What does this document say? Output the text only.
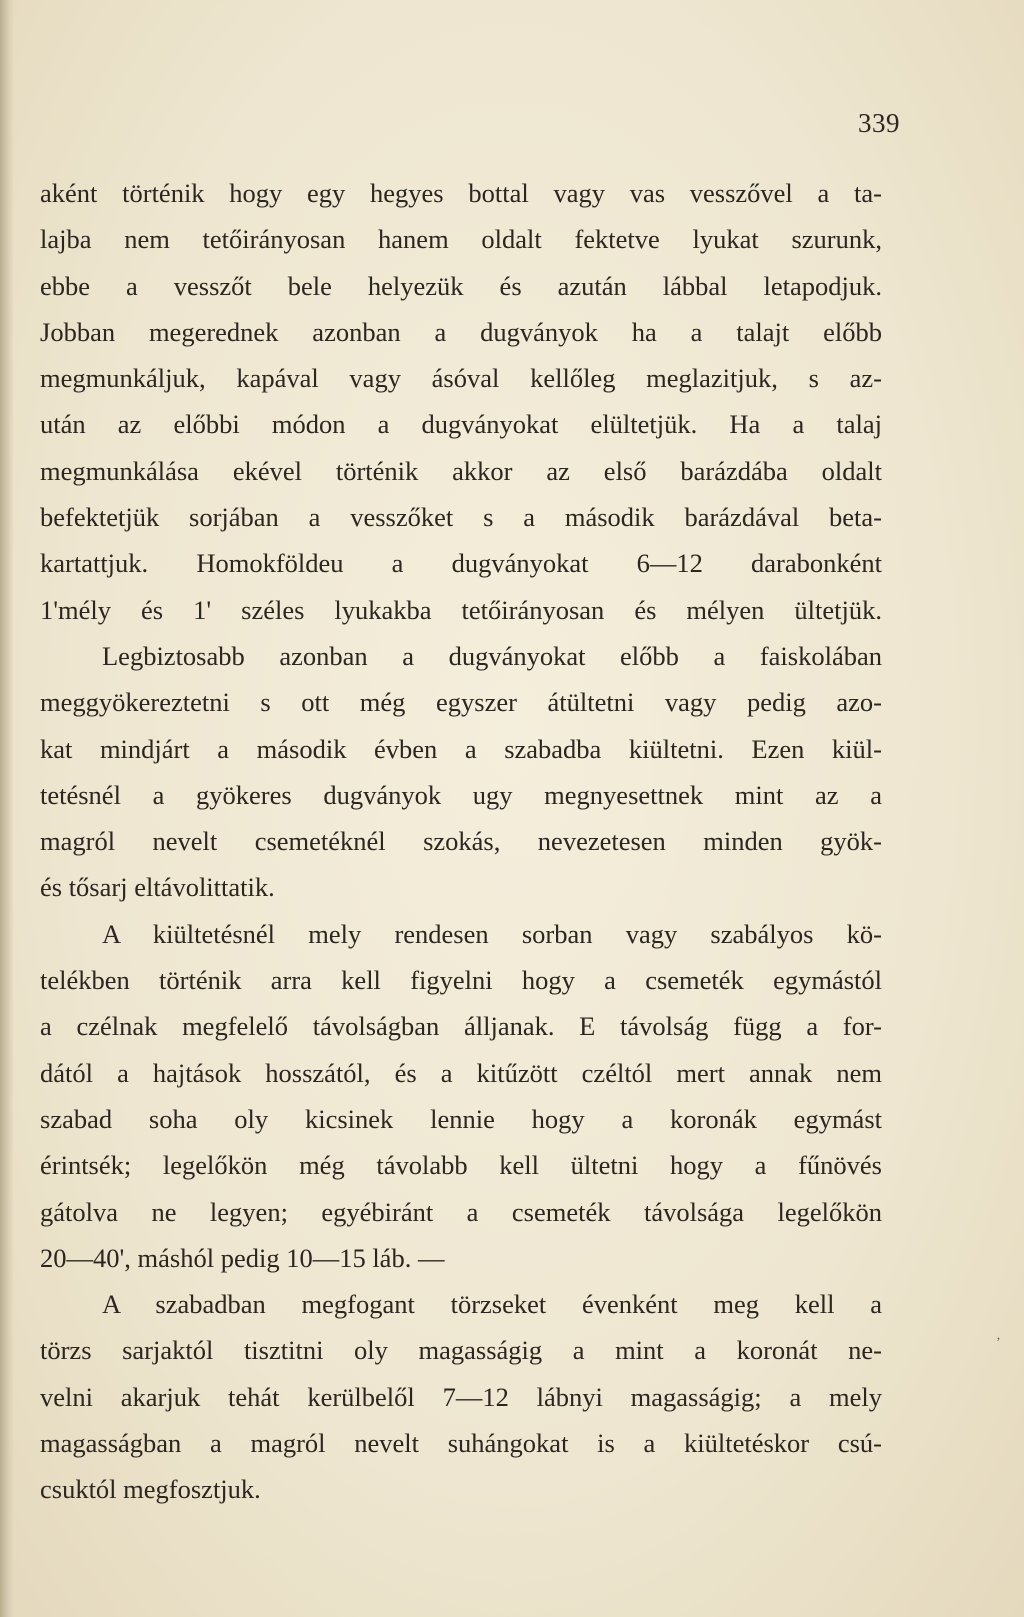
339
aként történik hogy egy hegyes bottal vagy vas vesszővel a ta-
lajba nem tetőirányosan hanem oldalt fektetve lyukat szurunk,
ebbe a vesszőt bele helyezük és azután lábbal letapodjuk.
Jobban megerednek azonban a dugványok ha a talajt előbb
megmunkáljuk, kapával vagy ásóval kellőleg meglazitjuk, s az-
után az előbbi módon a dugványokat elültetjük. Ha a talaj
megmunkálása ekével történik akkor az első barázdába oldalt
befektetjük sorjában a vesszőket s a második barázdával beta-
kartattjuk. Homokföldeu a dugványokat 6—12 darabonként
1'mély és 1' széles lyukakba tetőirányosan és mélyen ültetjük.
Legbiztosabb azonban a dugványokat előbb a faiskolában
meggyökereztetni s ott még egyszer átültetni vagy pedig azo-
kat mindjárt a második évben a szabadba kiültetni. Ezen kiül-
tetésnél a gyökeres dugványok ugy megnyesettnek mint az a
magról nevelt csemetéknél szokás, nevezetesen minden gyök-
és tősarj eltávolittatik.
A kiültetésnél mely rendesen sorban vagy szabályos kö-
telékben történik arra kell figyelni hogy a csemeték egymástól
a czélnak megfelelő távolságban álljanak. E távolság függ a for-
dától a hajtások hosszától, és a kitűzött czéltól mert annak nem
szabad soha oly kicsinek lennie hogy a koronák egymást
érintsék; legelőkön még távolabb kell ültetni hogy a fűnövés
gátolva ne legyen; egyébiránt a csemeték távolsága legelőkön
20—40', máshól pedig 10—15 láb. —
A szabadban megfogant törzseket évenként meg kell a
törzs sarjaktól tisztitni oly magasságig a mint a koronát ne-
velni akarjuk tehát kerülbelől 7—12 lábnyi magasságig; a mely
magasságban a magról nevelt suhángokat is a kiültetéskor csú-
csuktól megfosztjuk.
‚
